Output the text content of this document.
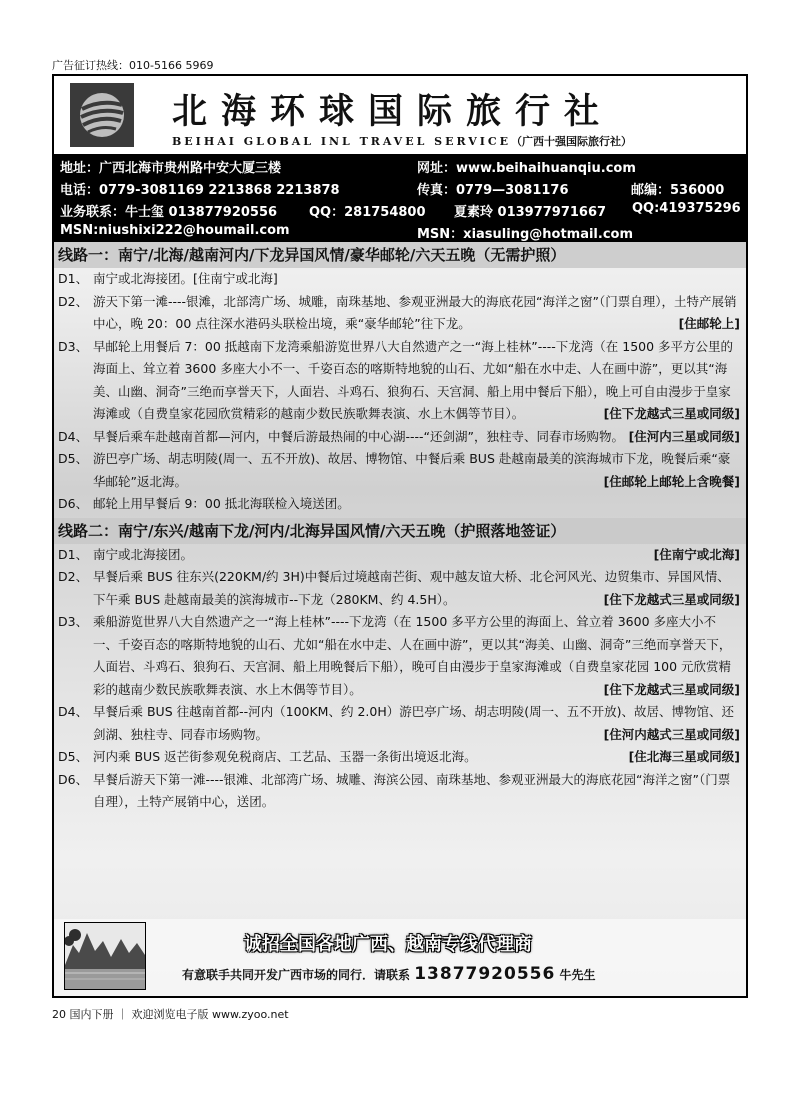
广告征订热线：010-5166 5969
北海环球国际旅行社
BEIHAI GLOBAL INL TRAVEL SERVICE（广西十强国际旅行社）
地址：广西北海市贵州路中安大厦三楼	网址：www.beihaihuanqiu.com
电话：0779-3081169 2213868 2213878	传真：0779—3081176	邮编：536000
业务联系：牛士玺 013877920556 QQ：281754800 夏素玲 013977971667 QQ:419375296
MSN:niushixi222@houmail.com	MSN：xiasuling@hotmail.com
线路一：南宁/北海/越南河内/下龙异国风情/豪华邮轮/六天五晚（无需护照）
D1、 南宁或北海接团。[住南宁或北海]
D2、 游天下第一滩----银滩，北部湾广场、城雕，南珠基地、参观亚洲最大的海底花园“海洋之窗”（门票自理），土特产展销中心，晚 20：00 点往深水港码头联检出境，乘“豪华邮轮”往下龙。	[住邮轮上]
D3、 早邮轮上用餐后 7：00 抵越南下龙湾乘船游览世界八大自然遗产之一“海上桂林”----下龙湾（在 1500 多平方公里的海面上、耸立着 3600 多座大小不一、千姿百态的喀斯特地貌的山石、尤如“船在水中走、人在画中游”，更以其“海美、山幽、洞奇”三绝而享誉天下，人面岩、斗鸡石、狼狗石、天宫洞、船上用中餐后下船），晚上可自由漫步于皇家海滩或（自费皇家花园欣赏精彩的越南少数民族歌舞表演、水上木偶等节目）。	[住下龙越式三星或同级]
D4、 早餐后乘车赴越南首都—河内，中餐后游最热闹的中心湖----“还剑湖”，独柱寺、同春市场购物。 [住河内三星或同级]
D5、 游巴亭广场、胡志明陵(周一、五不开放)、故居、博物馆、中餐后乘 BUS 赴越南最美的滨海城市下龙，晚餐后乘“豪华邮轮”返北海。	[住邮轮上邮轮上含晚餐]
D6、 邮轮上用早餐后 9：00 抵北海联检入境送团。
线路二：南宁/东兴/越南下龙/河内/北海异国风情/六天五晚（护照落地签证）
D1、 南宁或北海接团。	[住南宁或北海]
D2、 早餐后乘 BUS 往东兴(220KM/约 3H)中餐后过境越南芒街、观中越友谊大桥、北仑河风光、边贸集市、异国风情、下午乘 BUS 赴越南最美的滨海城市--下龙（280KM、约 4.5H）。	[住下龙越式三星或同级]
D3、 乘船游览世界八大自然遗产之一“海上桂林”----下龙湾（在 1500 多平方公里的海面上、耸立着 3600 多座大小不一、千姿百态的喀斯特地貌的山石、尤如“船在水中走、人在画中游”，更以其“海美、山幽、洞奇”三绝而享誉天下，人面岩、斗鸡石、狼狗石、天宫洞、船上用晚餐后下船），晚可自由漫步于皇家海滩或（自费皇家花园 100 元欣赏精彩的越南少数民族歌舞表演、水上木偶等节目）。	[住下龙越式三星或同级]
D4、 早餐后乘 BUS 往越南首都--河内（100KM、约 2.0H）游巴亭广场、胡志明陵(周一、五不开放)、故居、博物馆、还剑湖、独柱寺、同春市场购物。	[住河内越式三星或同级]
D5、 河内乘 BUS 返芒街参观免税商店、工艺品、玉器一条街出境返北海。	[住北海三星或同级]
D6、 早餐后游天下第一滩----银滩、北部湾广场、城雕、海滨公园、南珠基地、参观亚洲最大的海底花园“海洋之窗”（门票自理），土特产展销中心，送团。
诚招全国各地广西、越南专线代理商
有意联手共同开发广西市场的同行．请联系 13877920556 牛先生
20 国内下册 ｜ 欢迎浏览电子版 www.zyoo.net
